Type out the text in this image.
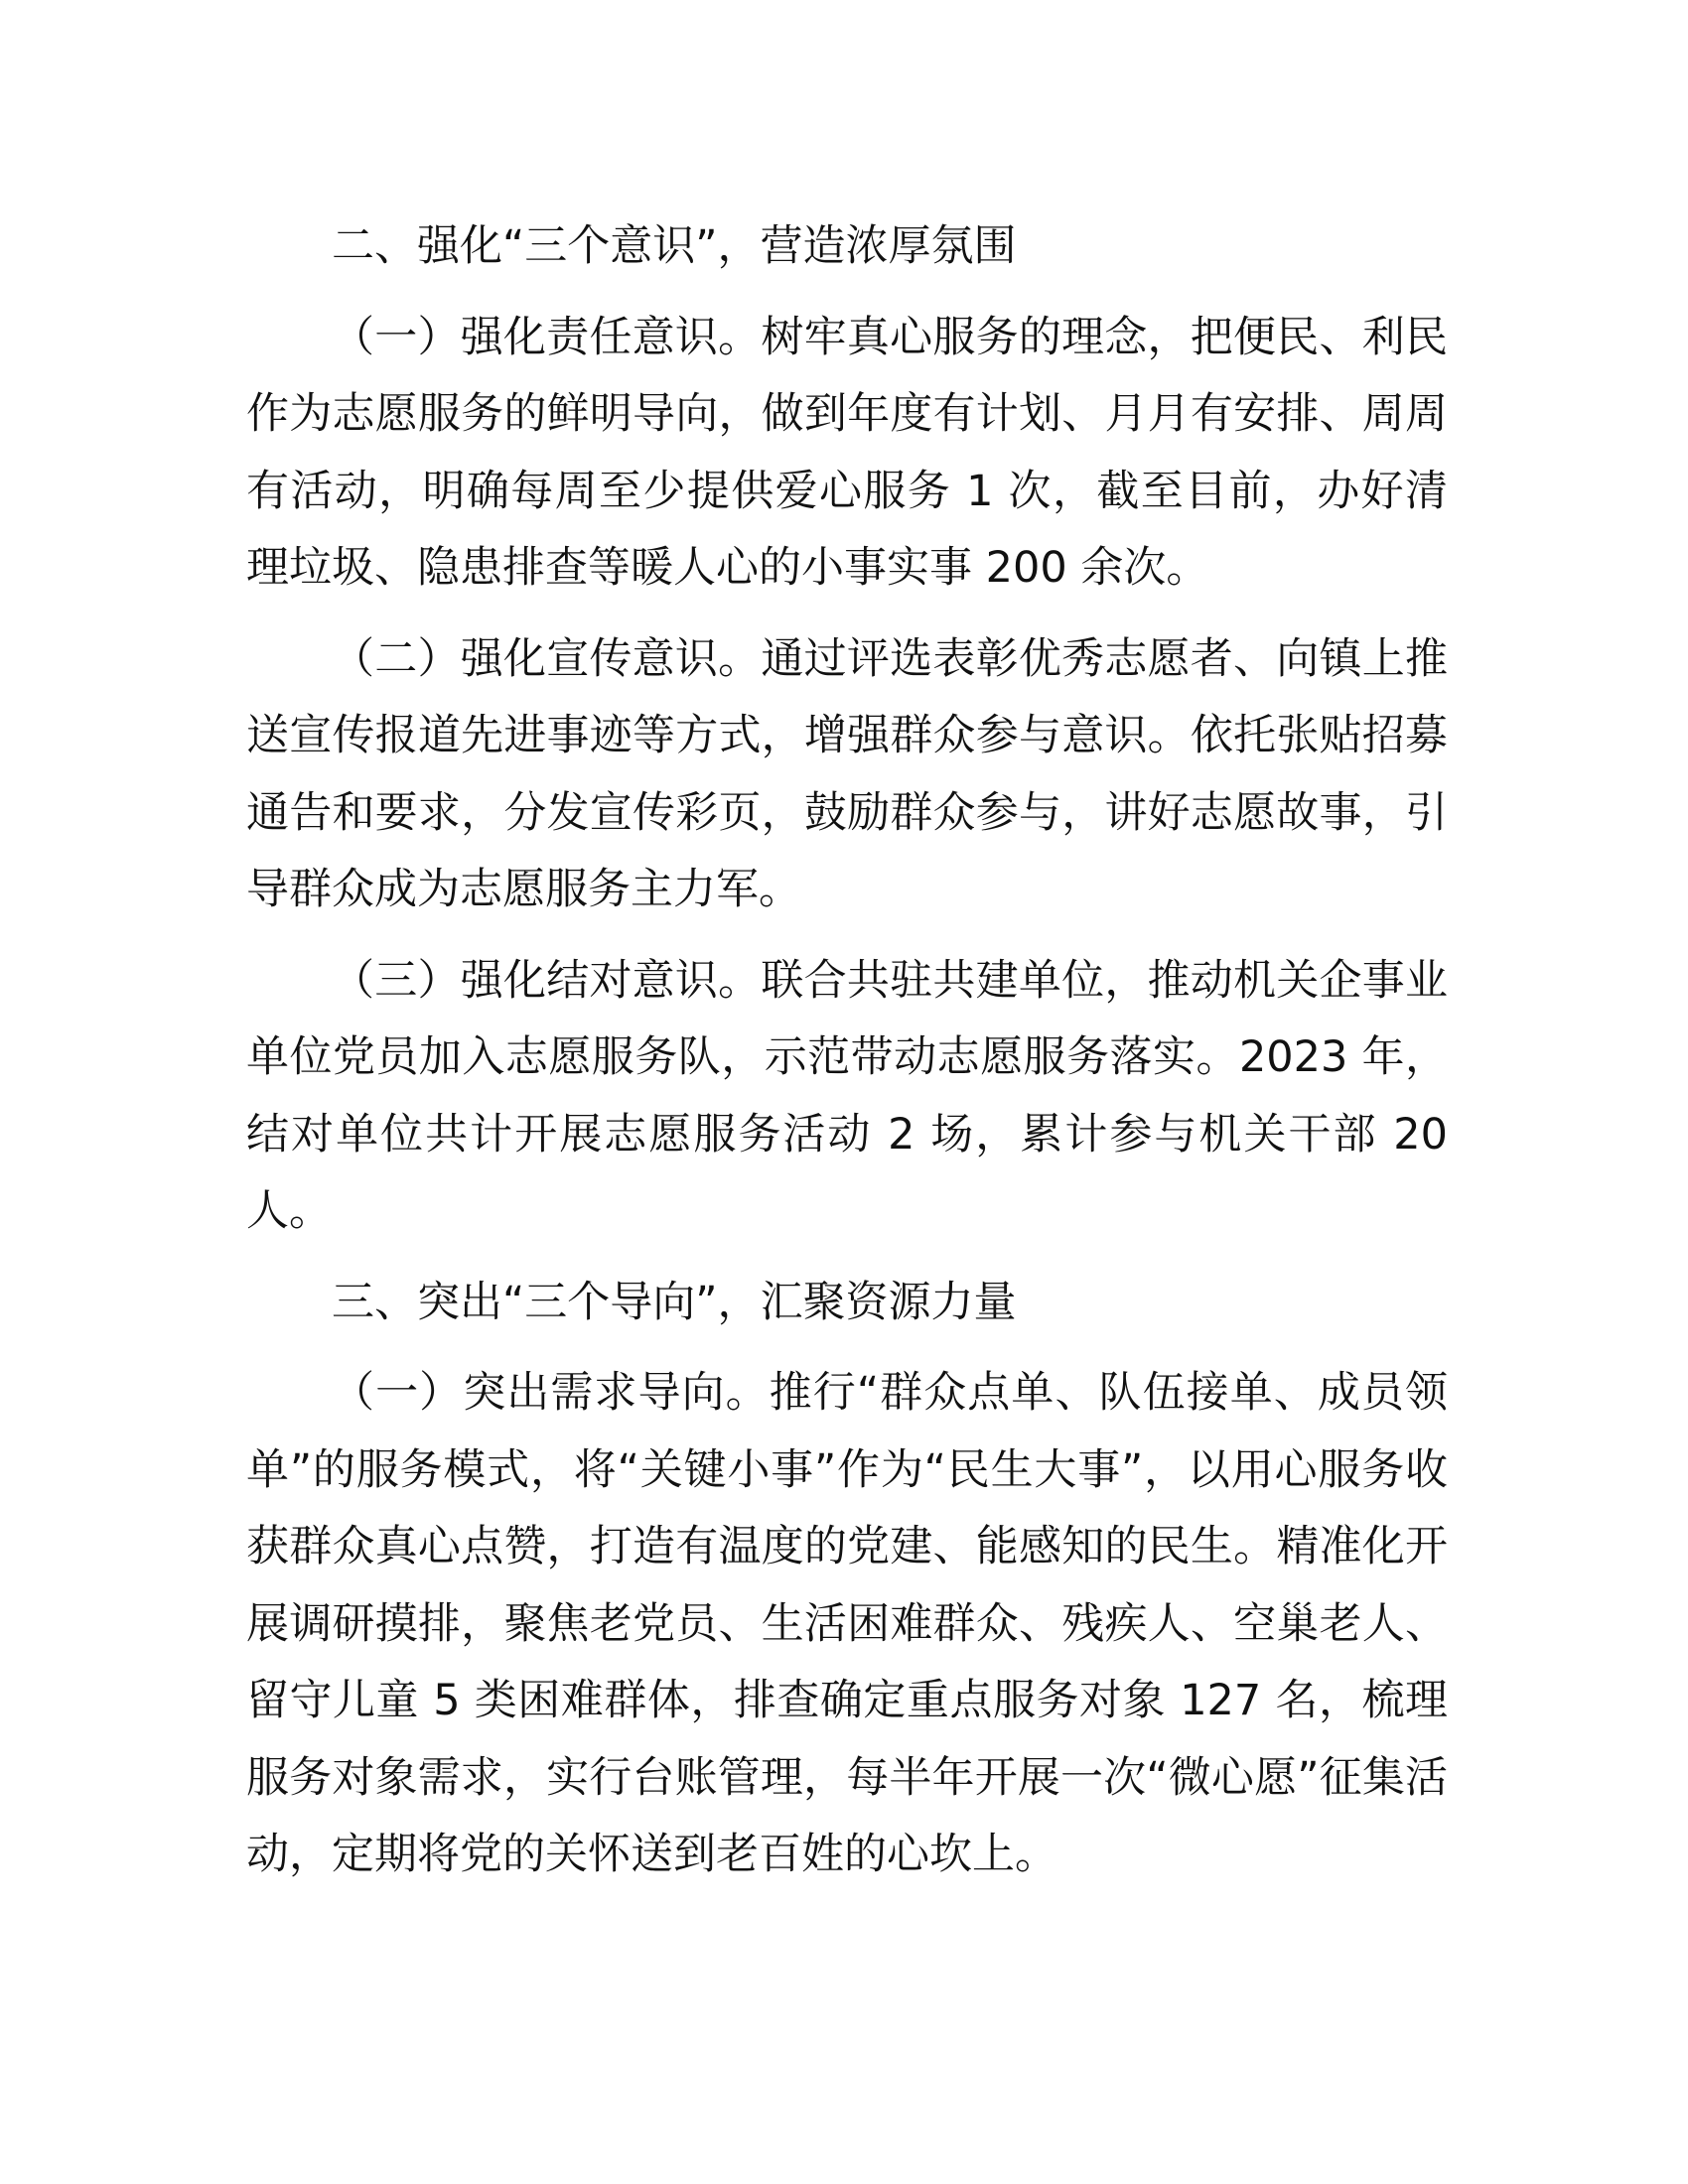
二、强化“三个意识”，营造浓厚氛围

（一）强化责任意识。树牢真心服务的理念，把便民、利民作为志愿服务的鲜明导向，做到年度有计划、月月有安排、周周有活动，明确每周至少提供爱心服务 1 次，截至目前，办好清理垃圾、隐患排查等暖人心的小事实事 200 余次。

（二）强化宣传意识。通过评选表彰优秀志愿者、向镇上推送宣传报道先进事迹等方式，增强群众参与意识。依托张贴招募通告和要求，分发宣传彩页，鼓励群众参与，讲好志愿故事，引导群众成为志愿服务主力军。

（三）强化结对意识。联合共驻共建单位，推动机关企事业单位党员加入志愿服务队，示范带动志愿服务落实。2023 年，结对单位共计开展志愿服务活动 2 场，累计参与机关干部 20 人。

三、突出“三个导向”，汇聚资源力量

（一）突出需求导向。推行“群众点单、队伍接单、成员领单”的服务模式，将“关键小事”作为“民生大事”，以用心服务收获群众真心点赞，打造有温度的党建、能感知的民生。精准化开展调研摸排，聚焦老党员、生活困难群众、残疾人、空巢老人、留守儿童 5 类困难群体，排查确定重点服务对象 127 名，梳理服务对象需求，实行台账管理，每半年开展一次“微心愿”征集活动，定期将党的关怀送到老百姓的心坎上。
